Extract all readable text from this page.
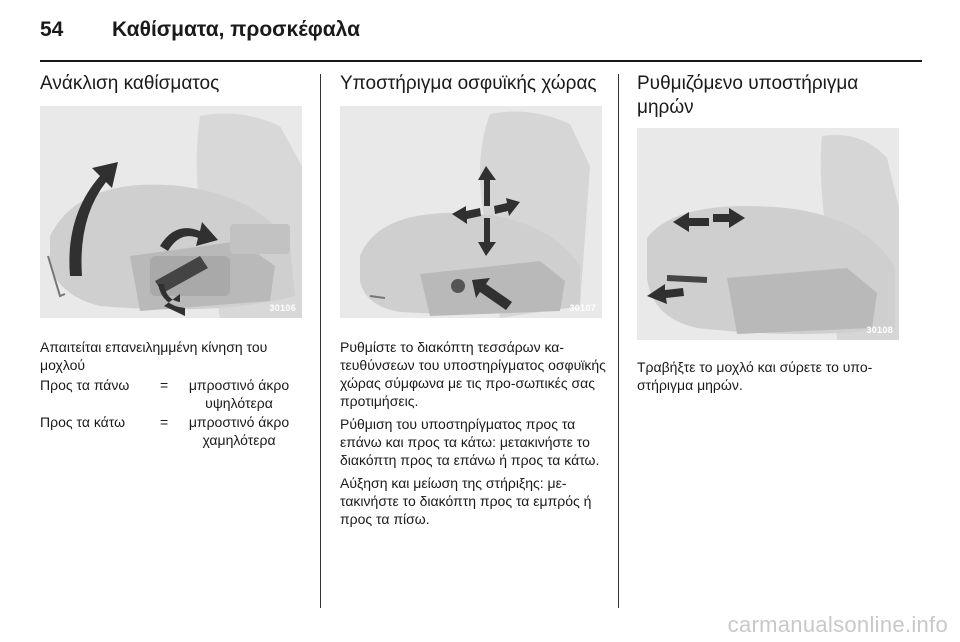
54 Καθίσματα, προσκέφαλα
Ανάκλιση καθίσματος
30106
Απαιτείται επανειλημμένη κίνηση του μοχλού
Προς τα πάνω =	μπροστινό άκρο υψηλότερα
Προς τα κάτω	=	μπροστινό άκρο χαμηλότερα
Υποστήριγμα οσφυϊκής χώρας
30107

Ρυθμίστε το διακόπτη τεσσάρων κα-τευθύνσεων του υποστηρίγματος οσφυϊκής χώρας σύμφωνα με τις προ-σωπικές σας προτιμήσεις.

Ρύθμιση του υποστηρίγματος προς τα επάνω και προς τα κάτω: μετακινήστε το διακόπτη προς τα επάνω ή προς τα κάτω.

Αύξηση και μείωση της στήριξης: με-τακινήστε το διακόπτη προς τα εμπρός ή προς τα πίσω.

Ρυθμιζόμενο υποστήριγμα μηρών
30108

Τραβήξτε το μοχλό και σύρετε το υπο-στήριγμα μηρών.

carmanualsonline.info
